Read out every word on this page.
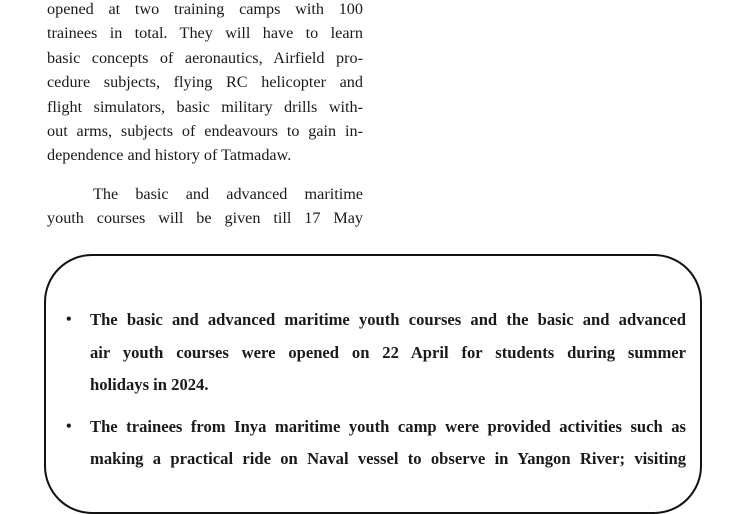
opened at two training camps with 100
trainees in total. They will have to learn
basic concepts of aeronautics, Airfield pro-
cedure subjects, flying RC helicopter and
flight simulators, basic military drills with-
out arms, subjects of endeavours to gain in-
dependence and history of Tatmadaw.

The basic and advanced maritime
youth courses will be given till 17 May

• The basic and advanced maritime youth courses and the basic and advanced
air youth courses were opened on 22 April for students during summer
holidays in 2024.
• The trainees from Inya maritime youth camp were provided activities such as
making a practical ride on Naval vessel to observe in Yangon River; visiting
